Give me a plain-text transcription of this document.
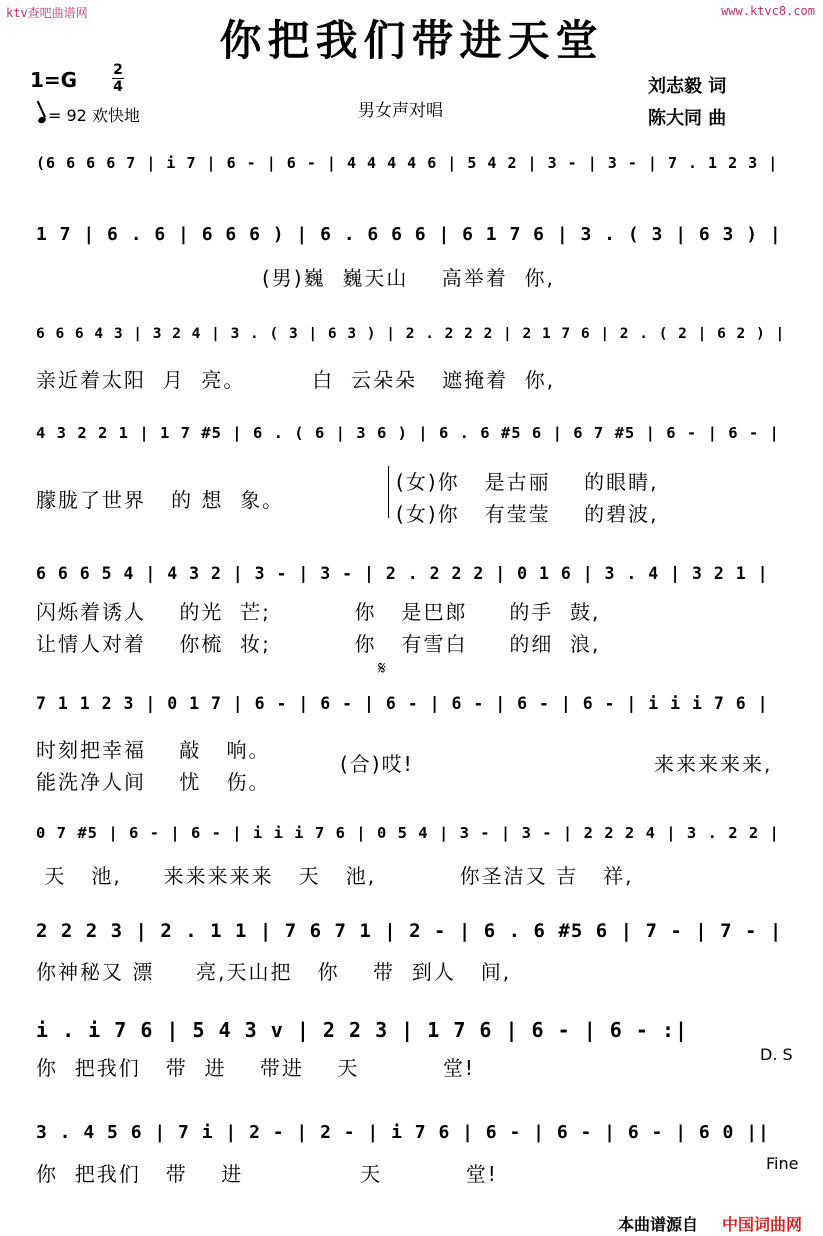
ktv查吧曲谱网	www.ktvc8.com
你把我们带进天堂
1=G	2
4
= 92 欢快地	男女声对唱
刘志毅 词
陈大同 曲
(6 6 6 6 7 | i 7 | 6 - | 6 - | 4 4 4 4 6 | 5 4 2 | 3 - | 3 - | 7 . 1 2 3 |
1 7 | 6 . 6 | 6 6 6 ) | 6 . 6 6 6 | 6 1 7 6 | 3 . ( 3 | 6 3 ) |
(男)巍  巍天山    高举着  你,
6 6 6 4 3 | 3 2 4 | 3 . ( 3 | 6 3 ) | 2 . 2 2 2 | 2 1 7 6 | 2 . ( 2 | 6 2 ) |
亲近着太阳  月  亮。        白  云朵朵   遮掩着  你,
4 3 2 2 1 | 1 7 #5 | 6 . ( 6 | 3 6 ) | 6 . 6 #5 6 | 6 7 #5 | 6 - | 6 - |
朦胧了世界   的 想  象。
(女)你   是古丽    的眼睛,
(女)你   有莹莹    的碧波,
6 6 6 5 4 | 4 3 2 | 3 - | 3 - | 2 . 2 2 2 | 0 1 6 | 3 . 4 | 3 2 1 |
闪烁着诱人    的光  芒;          你   是巴郎     的手  鼓,
让情人对着    你梳  妆;          你   有雪白     的细  浪,
𝄋
7 1 1 2 3 | 0 1 7 | 6 - | 6 - | 6 - | 6 - | 6 - | 6 - | i i i 7 6 |
时刻把幸福    敲   响。
能洗净人间    忧   伤。
(合)哎!	来来来来来,
0 7 #5 | 6 - | 6 - | i i i 7 6 | 0 5 4 | 3 - | 3 - | 2 2 2 4 | 3 . 2 2 |
天   池,     来来来来来   天   池,          你圣洁又 吉   祥,
2 2 2 3 | 2 . 1 1 | 7 6 7 1 | 2 - | 6 . 6 #5 6 | 7 - | 7 - |
你神秘又 漂     亮,天山把   你    带  到人   间,
i . i 7 6 | 5 4 3 v | 2 2 3 | 1 7 6 | 6 - | 6 - :|
你  把我们   带  进    带进    天          堂!
D. S
3 . 4 5 6 | 7 i | 2 - | 2 - | i 7 6 | 6 - | 6 - | 6 - | 6 0 ||
你  把我们   带    进              天          堂!	Fine
本曲谱源自 中国词曲网
